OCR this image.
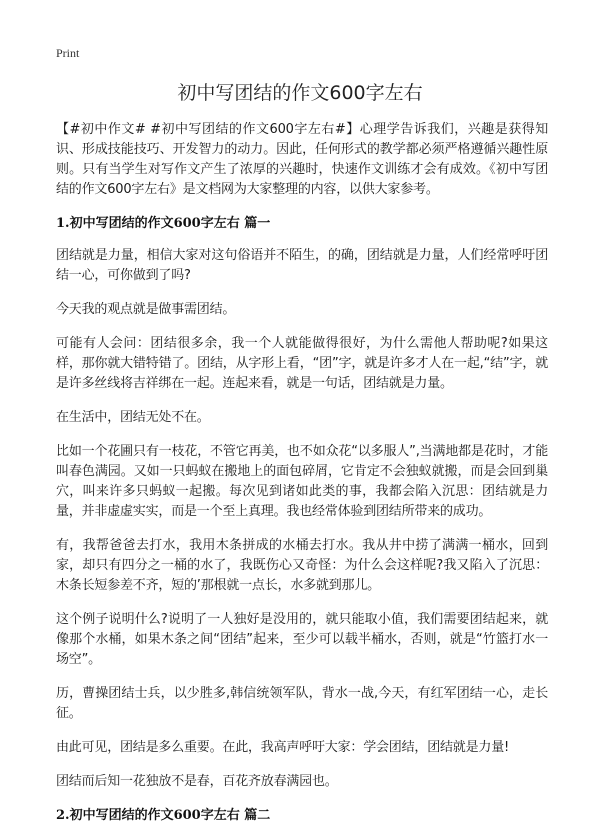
Print
初中写团结的作文600字左右

【#初中作文# #初中写团结的作文600字左右#】心理学告诉我们，兴趣是获得知识、形成技能技巧、开发智力的动力。因此，任何形式的教学都必须严格遵循兴趣性原则。只有当学生对写作文产生了浓厚的兴趣时，快速作文训练才会有成效。《初中写团结的作文600字左右》是文档网为大家整理的内容，以供大家参考。

1.初中写团结的作文600字左右 篇一

团结就是力量，相信大家对这句俗语并不陌生，的确，团结就是力量，人们经常呼吁团结一心，可你做到了吗?

今天我的观点就是做事需团结。

可能有人会问：团结很多余，我一个人就能做得很好，为什么需他人帮助呢?如果这样，那你就大错特错了。团结，从字形上看，“团”字，就是许多才人在一起,“结”字，就是许多丝线将吉祥绑在一起。连起来看，就是一句话，团结就是力量。

在生活中，团结无处不在。

比如一个花圃只有一枝花，不管它再美，也不如众花“以多服人”,当满地都是花时，才能叫春色满园。又如一只蚂蚁在搬地上的面包碎屑，它肯定不会独蚁就搬，而是会回到巢穴，叫来许多只蚂蚁一起搬。每次见到诸如此类的事，我都会陷入沉思：团结就是力量，并非虚虚实实，而是一个至上真理。我也经常体验到团结所带来的成功。

有，我帮爸爸去打水，我用木条拼成的水桶去打水。我从井中捞了满满一桶水，回到家，却只有四分之一桶的水了，我既伤心又奇怪：为什么会这样呢?我又陷入了沉思：木条长短参差不齐，短的’那根就一点长，水多就到那儿。

这个例子说明什么?说明了一人独好是没用的，就只能取小值，我们需要团结起来，就像那个水桶，如果木条之间“团结”起来，至少可以载半桶水，否则，就是“竹篮打水一场空”。

历，曹操团结士兵，以少胜多,韩信统领军队，背水一战,今天，有红军团结一心，走长征。

由此可见，团结是多么重要。在此，我高声呼吁大家：学会团结，团结就是力量!

团结而后知一花独放不是春，百花齐放春满园也。

2.初中写团结的作文600字左右 篇二
